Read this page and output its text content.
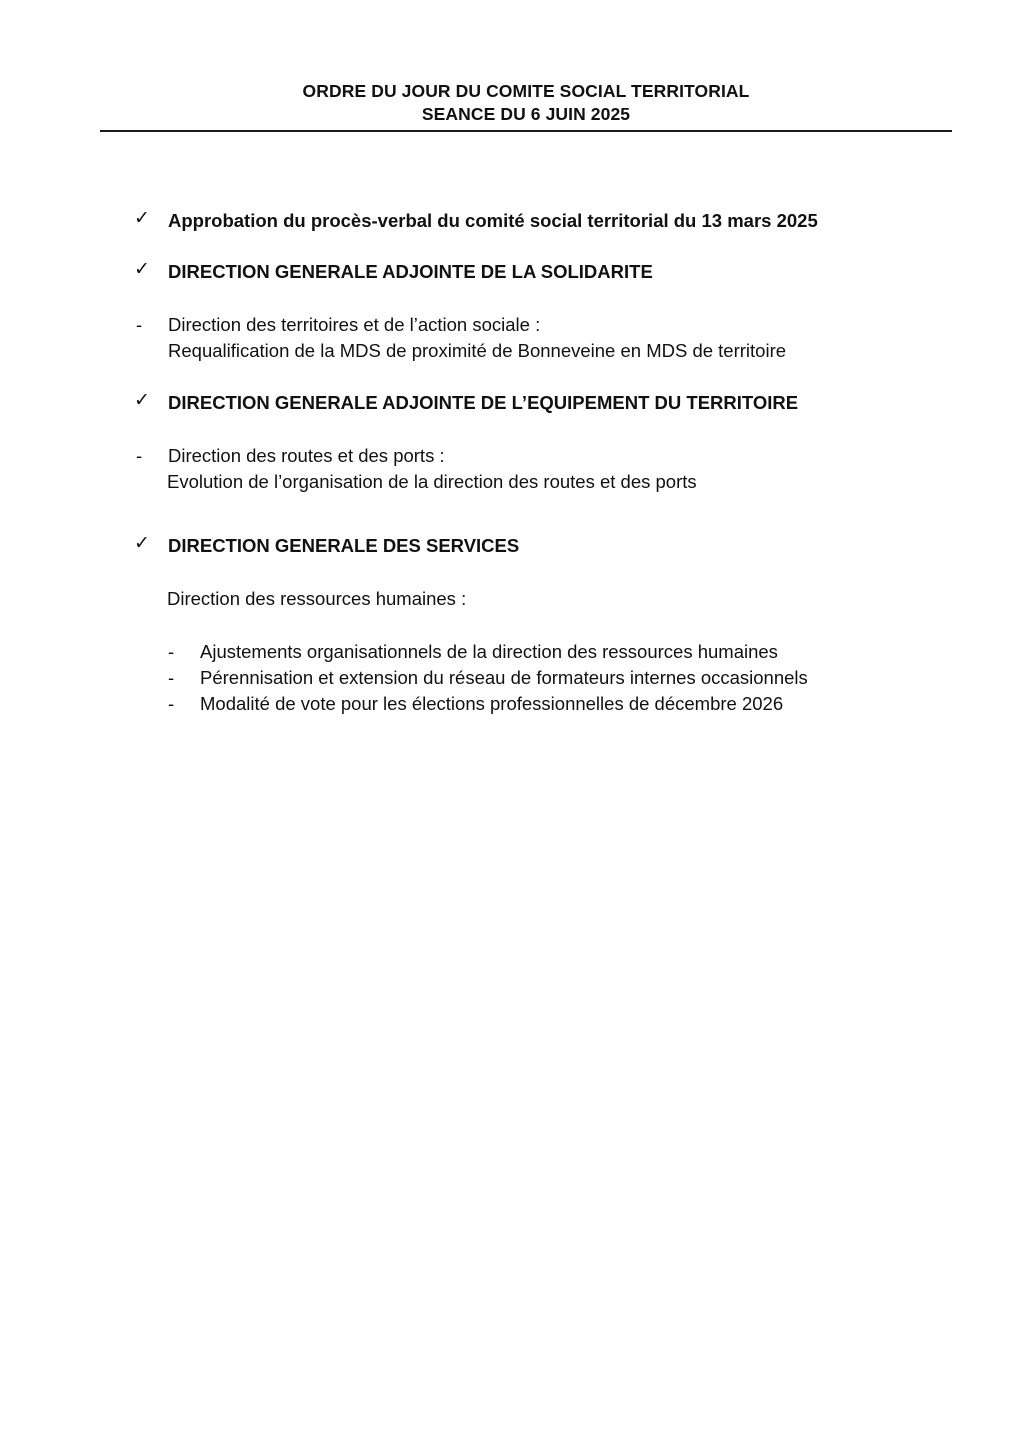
ORDRE DU JOUR DU COMITE SOCIAL TERRITORIAL
SEANCE DU 6 JUIN 2025
✓ Approbation du procès-verbal du comité social territorial du 13 mars 2025
✓ DIRECTION GENERALE ADJOINTE DE LA SOLIDARITE
- Direction des territoires et de l’action sociale :
Requalification de la MDS de proximité de Bonneveine en MDS de territoire
✓ DIRECTION GENERALE ADJOINTE DE L’EQUIPEMENT DU TERRITOIRE
- Direction des routes et des ports :
Evolution de l’organisation de la direction des routes et des ports
✓ DIRECTION GENERALE DES SERVICES
Direction des ressources humaines :
- Ajustements organisationnels de la direction des ressources humaines
- Pérennisation et extension du réseau de formateurs internes occasionnels
- Modalité de vote pour les élections professionnelles de décembre 2026
